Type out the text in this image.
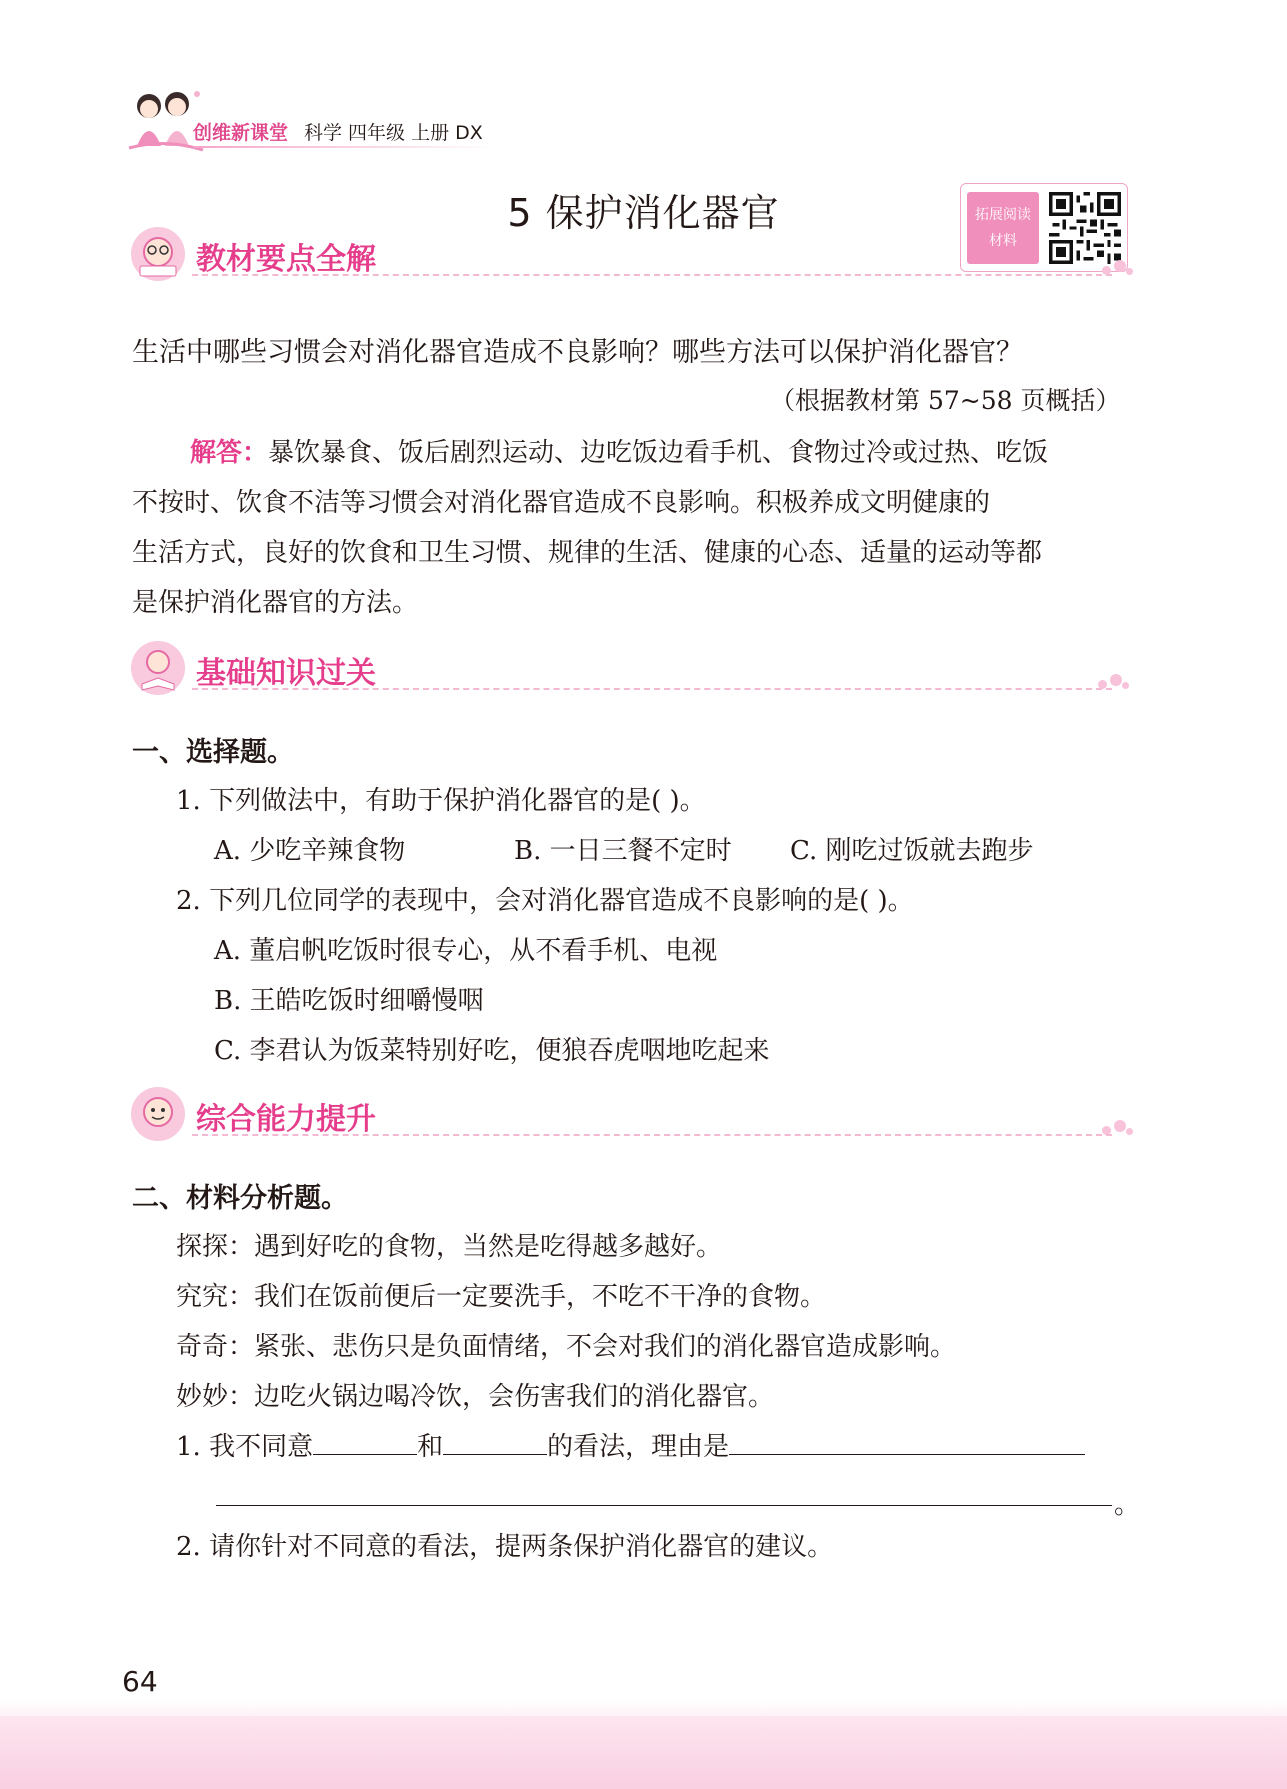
创维新课堂 科学 四年级 上册 DX
5 保护消化器官	拓展阅读
材料
教材要点全解
生活中哪些习惯会对消化器官造成不良影响？哪些方法可以保护消化器官？
（根据教材第 57~58 页概括）
解答：暴饮暴食、饭后剧烈运动、边吃饭边看手机、食物过冷或过热、吃饭
不按时、饮食不洁等习惯会对消化器官造成不良影响。积极养成文明健康的
生活方式，良好的饮食和卫生习惯、规律的生活、健康的心态、适量的运动等都
是保护消化器官的方法。
基础知识过关
一、选择题。
1. 下列做法中，有助于保护消化器官的是( )。
A. 少吃辛辣食物	B. 一日三餐不定时 C. 刚吃过饭就去跑步
2. 下列几位同学的表现中，会对消化器官造成不良影响的是( )。
A. 董启帆吃饭时很专心，从不看手机、电视
B. 王皓吃饭时细嚼慢咽
C. 李君认为饭菜特别好吃，便狼吞虎咽地吃起来
综合能力提升
二、材料分析题。
探探：遇到好吃的食物，当然是吃得越多越好。
究究：我们在饭前便后一定要洗手，不吃不干净的食物。
奇奇：紧张、悲伤只是负面情绪，不会对我们的消化器官造成影响。
妙妙：边吃火锅边喝冷饮，会伤害我们的消化器官。
1. 我不同意	和	的看法，理由是
。
2. 请你针对不同意的看法，提两条保护消化器官的建议。
64
